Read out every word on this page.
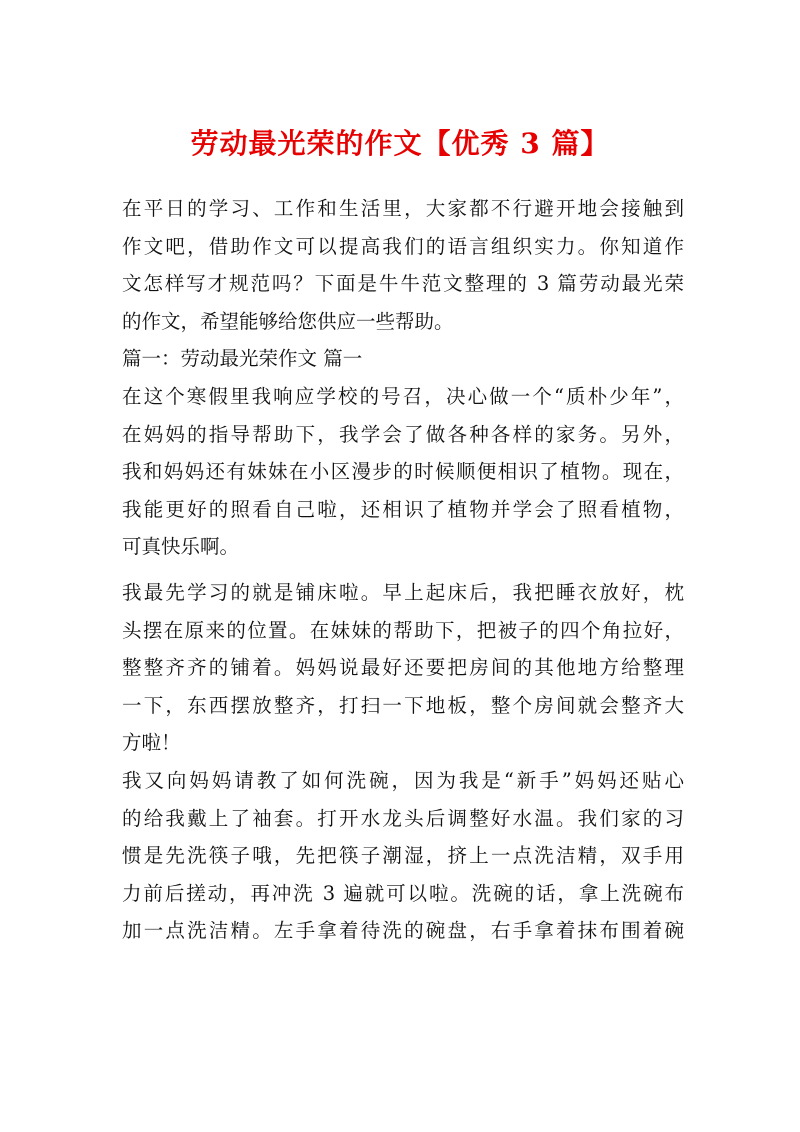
劳动最光荣的作文【优秀 3 篇】
在平日的学习、工作和生活里，大家都不行避开地会接触到
作文吧，借助作文可以提高我们的语言组织实力。你知道作
文怎样写才规范吗？下面是牛牛范文整理的 3 篇劳动最光荣
的作文，希望能够给您供应一些帮助。
篇一：劳动最光荣作文 篇一
在这个寒假里我响应学校的号召，决心做一个“质朴少年”，
在妈妈的指导帮助下，我学会了做各种各样的家务。另外，
我和妈妈还有妹妹在小区漫步的时候顺便相识了植物。现在，
我能更好的照看自己啦，还相识了植物并学会了照看植物，
可真快乐啊。
我最先学习的就是铺床啦。早上起床后，我把睡衣放好，枕
头摆在原来的位置。在妹妹的帮助下，把被子的四个角拉好，
整整齐齐的铺着。妈妈说最好还要把房间的其他地方给整理
一下，东西摆放整齐，打扫一下地板，整个房间就会整齐大
方啦！
我又向妈妈请教了如何洗碗，因为我是“新手”妈妈还贴心
的给我戴上了袖套。打开水龙头后调整好水温。我们家的习
惯是先洗筷子哦，先把筷子潮湿，挤上一点洗洁精，双手用
力前后搓动，再冲洗 3 遍就可以啦。洗碗的话，拿上洗碗布
加一点洗洁精。左手拿着待洗的碗盘，右手拿着抹布围着碗
